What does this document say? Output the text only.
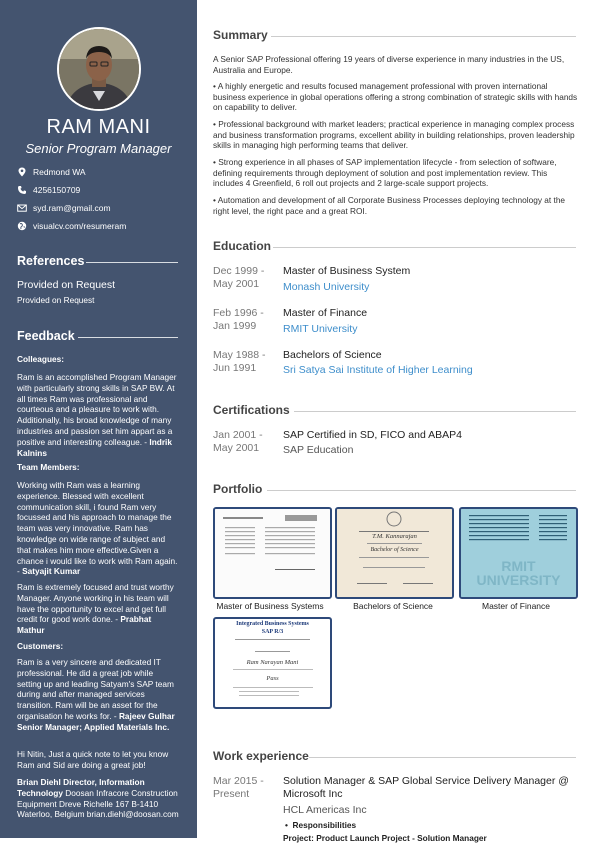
RAM MANI
Senior Program Manager
Redmond WA
4256150709
syd.ram@gmail.com
visualcv.com/resumeram
References
Provided on Request
Provided on Request
Feedback
Colleagues:
Ram is an accomplished Program Manager with particularly strong skills in SAP BW. At all times Ram was professional and courteous and a pleasure to work with. Additionally, his broad knowledge of many industries and passion set him appart as a positive and interesting colleague. - Indrik Kalnins
Team Members:
Working with Ram was a learning experience. Blessed with excellent communication skill, i found Ram very focussed and his approach to manage the team was very innovative. Ram has knowledge on wide range of subject and that makes him more effective.Given a chance i would like to work with Ram again. - Satyajit Kumar
Ram is extremely focused and trust worthy Manager. Anyone working in his team will have the opportunity to excel and get full credit for good work done. - Prabhat Mathur
Customers:
Ram is a very sincere and dedicated IT professional. He did a great job while setting up and leading Satyam's SAP team during and after managed services transition. Ram will be an asset for the organisation he works for. - Rajeev Gulhar Senior Manager; Applied Materials Inc.
Hi Nitin, Just a quick note to let you know Ram and Sid are doing a great job!
Brian Diehl Director, Information Technology Doosan Infracore Construction Equipment Dreve Richelle 167 B-1410 Waterloo, Belgium brian.diehl@doosan.com
Summary
A Senior SAP Professional offering 19 years of diverse experience in many industries in the US, Australia and Europe.
• A highly energetic and results focused management professional with proven international business experience in global operations offering a strong combination of strategic skills with hands on capability to deliver.
• Professional background with market leaders; practical experience in managing complex process and business transformation programs, excellent ability in building relationships, proven leadership skills in managing high performing teams that deliver.
• Strong experience in all phases of SAP implementation lifecycle - from selection of software, defining requirements through deployment of solution and post implementation review. This includes 4 Greenfield, 6 roll out projects and 2 large-scale support projects.
• Automation and development of all Corporate Business Processes deploying technology at the right level, the right pace and a great ROI.
Education
Dec 1999 - May 2001
Master of Business System
Monash University
Feb 1996 - Jan 1999
Master of Finance
RMIT University
May 1988 - Jun 1991
Bachelors of Science
Sri Satya Sai Institute of Higher Learning
Certifications
Jan 2001 - May 2001
SAP Certified in SD, FICO and ABAP4
SAP Education
Portfolio
Master of Business Systems
T.M. Kannarajan
Bachelor of Science
Bachelors of Science
RMIT UNIVERSITY
Master of Finance
Integrated Business Systems
SAP R/3
Ram Narayan Mani
Pass
Work experience
Mar 2015 - Present
Solution Manager & SAP Global Service Delivery Manager @ Microsoft Inc
HCL Americas Inc
•  Responsibilities
Project: Product Launch Project - Solution Manager
